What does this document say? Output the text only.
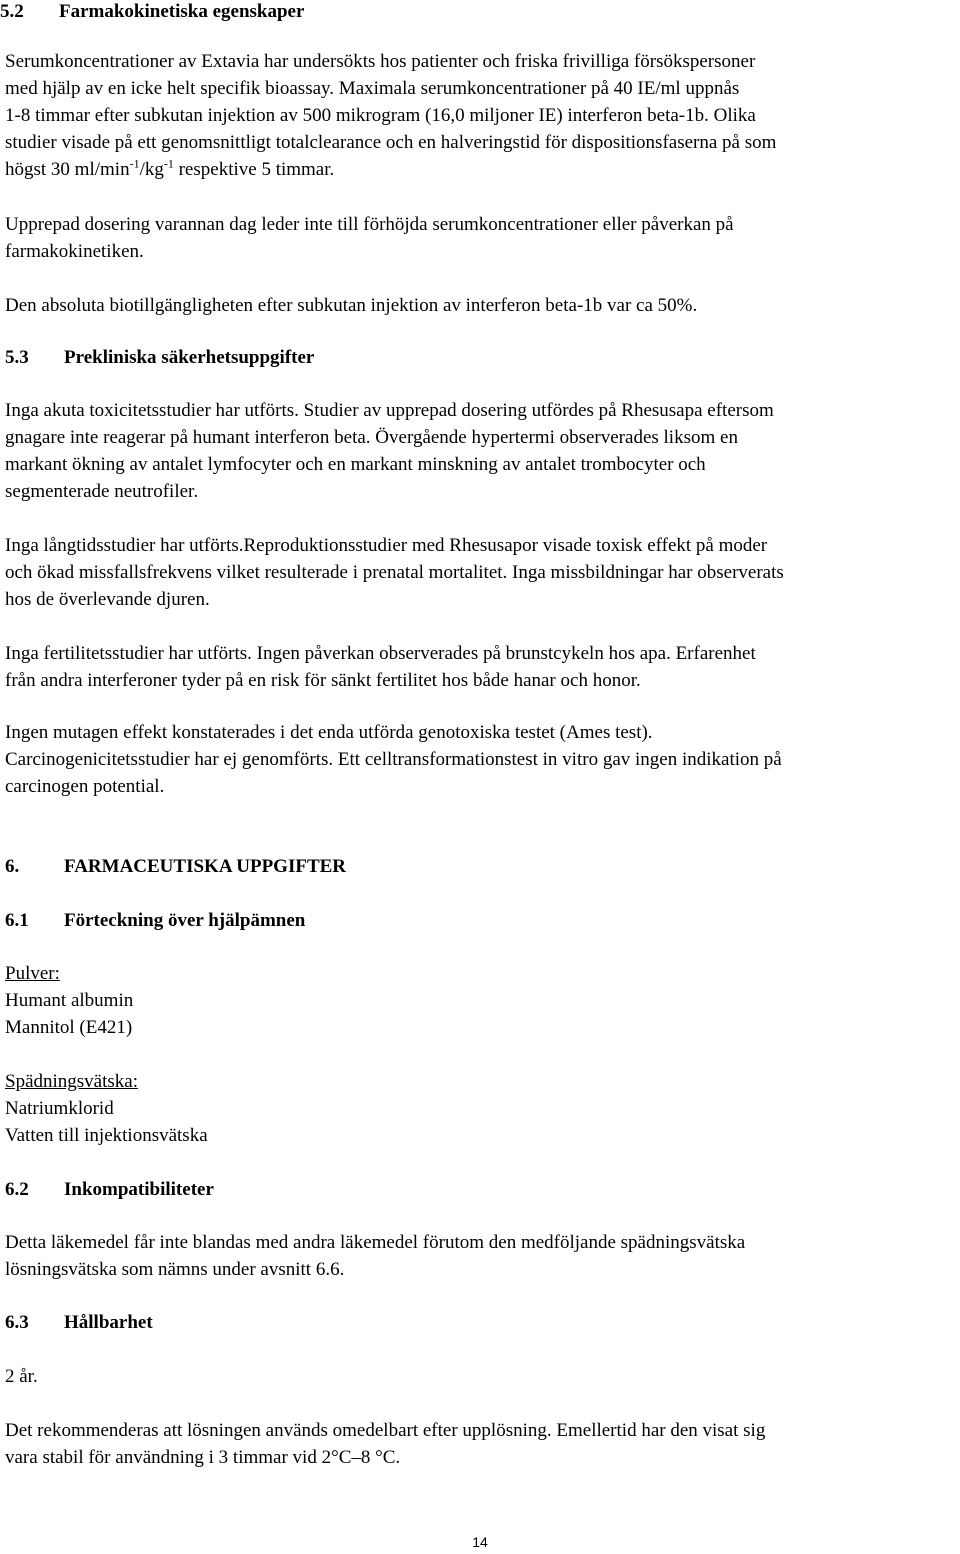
5.2 Farmakokinetiska egenskaper

Serumkoncentrationer av Extavia har undersökts hos patienter och friska frivilliga försökspersoner

med hjälp av en icke helt specifik bioassay. Maximala serumkoncentrationer på 40 IE/ml uppnås

1-8 timmar efter subkutan injektion av 500 mikrogram (16,0 miljoner IE) interferon beta-1b. Olika

studier visade på ett genomsnittligt totalclearance och en halveringstid för dispositionsfaserna på som

högst 30 $ml/\min^{-1}/kg^{-1}$ respektive 5 timmar.

Upprepad dosering varannan dag leder inte till förhöjda serumkoncentrationer eller påverkan på

farmakokinetiken.

Den absoluta biotillgängligheten efter subkutan injektion av interferon beta-1b var ca 50%.

5.3 Prekliniska säkerhetsuppgifter

Inga akuta toxicitetsstudier har utförts. Studier av upprepad dosering utfördes på Rhesusapa eftersom

gnagare inte reagerar på humant interferon beta. Övergående hypertermi observerades liksom en

markant ökning av antalet lymfocyter och en markant minskning av antalet trombocyter och

segmenterade neutrofiler.

Inga långtidsstudier har utförts.Reproduktionsstudier med Rhesusapor visade toxisk effekt på moder

och ökad missfallsfrekvens vilket resulterade i prenatal mortalitet. Inga missbildningar har observerats

hos de överlevande djuren.

Inga fertilitetsstudier har utförts. Ingen påverkan observerades på brunstcykeln hos apa. Erfarenhet

från andra interferoner tyder på en risk för sänkt fertilitet hos både hanar och honor.

Ingen mutagen effekt konstaterades i det enda utförda genotoxiska testet (Ames test).

Carcinogenicitetsstudier har ej genomförts. Ett celltransformationstest in vitro gav ingen indikation på

carcinogen potential.

6. FARMACEUTISKA UPPGIFTER

6.1 Förteckning över hjälpämnen

Pulver:

Humant albumin

Mannitol (E421)

Spädningsvätska:

Natriumklorid

Vatten till injektionsvätska

6.2 Inkompatibiliteter

Detta läkemedel får inte blandas med andra läkemedel förutom den medföljande spädningsvätska

lösningsvätska som nämns under avsnitt 6.6.

6.3 Hållbarhet

2 år.

Det rekommenderas att lösningen används omedelbart efter upplösning. Emellertid har den visat sig

vara stabil för användning i 3 timmar vid 2°C–8 °C.

14
